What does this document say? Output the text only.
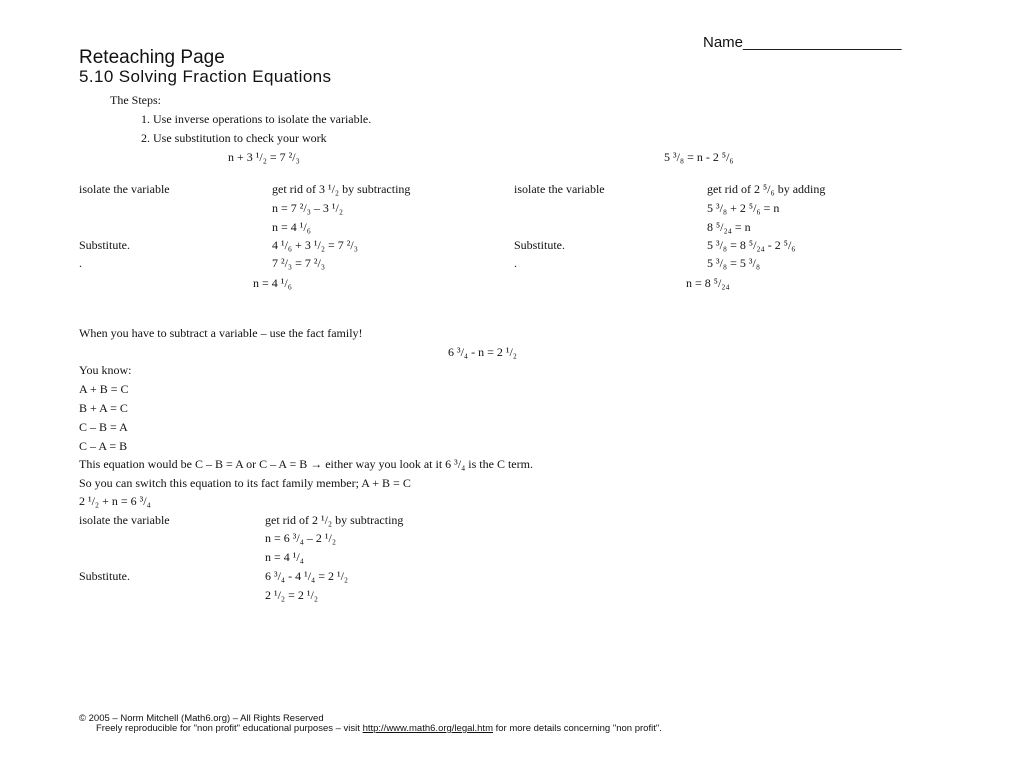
Name___________________
Reteaching Page
5.10 Solving Fraction Equations
The Steps:
1. Use inverse operations to isolate the variable.
2. Use substitution to check your work
n + 3 ¹/₂ = 7 ²/₃
isolate the variable	get rid of 3 ¹/₂ by subtracting
n = 7 ²/₃ – 3 ¹/₂
n = 4 ¹/₆
Substitute.	4 ¹/₆ + 3 ¹/₂ = 7 ²/₃
.	7 ²/₃ = 7 ²/₃
n = 4 ¹/₆
5 ³/₈ = n - 2 ⁵/₆
isolate the variable	get rid of 2 ⁵/₆ by adding
5 ³/₈ + 2 ⁵/₆ = n
8 ⁵/₂₄ = n
Substitute.	5 ³/₈ = 8 ⁵/₂₄ - 2 ⁵/₆
.	5 ³/₈ = 5 ³/₈
n = 8 ⁵/₂₄
When you have to subtract a variable – use the fact family!
6 ³/₄ - n = 2 ¹/₂
You know:
A + B = C
B + A = C
C – B = A
C – A = B
This equation would be C – B = A or C – A = B → either way you look at it 6 ³/₄ is the C term.
So you can switch this equation to its fact family member; A + B = C
2 ¹/₂ + n = 6 ³/₄
isolate the variable	get rid of 2 ¹/₂ by subtracting
n = 6 ³/₄ – 2 ¹/₂
n = 4 ¹/₄
Substitute.	6 ³/₄ - 4 ¹/₄ = 2 ¹/₂
2 ¹/₂ = 2 ¹/₂
© 2005 – Norm Mitchell (Math6.org) – All Rights Reserved
Freely reproducible for "non profit" educational purposes – visit http://www.math6.org/legal.htm for more details concerning "non profit".
